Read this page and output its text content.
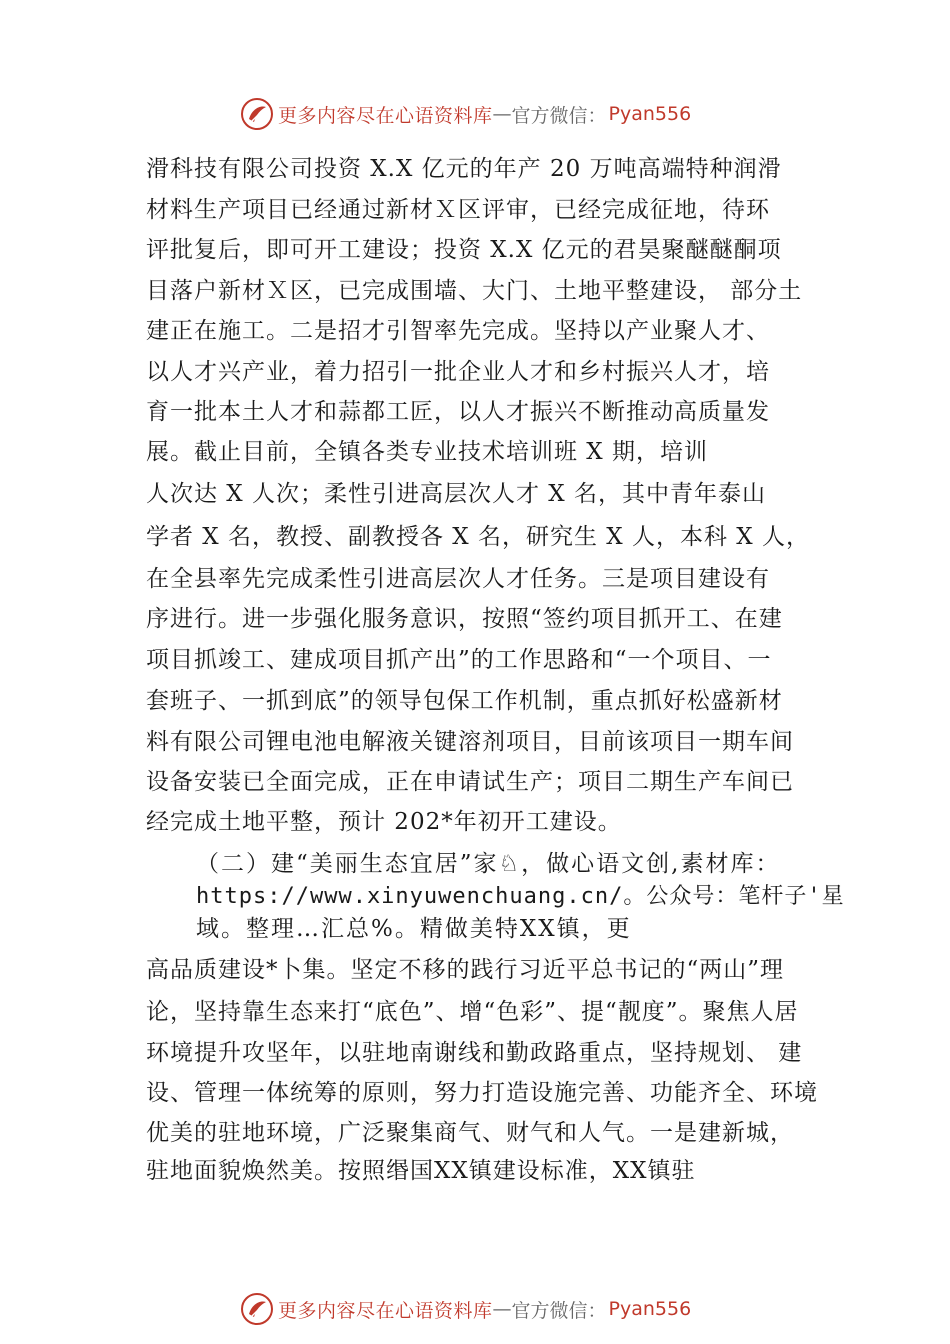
更多内容尽在心语资料库 — 官方微信： Pyan556
滑科技有限公司投资 X.X 亿元的年产 20 万吨高端特种润滑
材料生产项目已经通过新材Ｘ区评审，已经完成征地，待环
评批复后，即可开工建设；投资 X.X 亿元的君昊聚醚醚酮项
目落户新材Ｘ区，已完成围墙、大门、土地平整建设， 部分土
建正在施工。二是招才引智率先完成。坚持以产业聚人才、
以人才兴产业，着力招引一批企业人才和乡村振兴人才，培
育一批本土人才和蒜都工匠，以人才振兴不断推动高质量发
展。截止目前，全镇各类专业技术培训班 X 期，培训
人次达 X 人次；柔性引进高层次人才 X 名，其中青年泰山
学者 X 名，教授、副教授各 X 名，研究生 X 人，本科 X 人，
在全县率先完成柔性引进高层次人才任务。三是项目建设有
序进行。进一步强化服务意识，按照“签约项目抓开工、在建
项目抓竣工、建成项目抓产出”的工作思路和“一个项目、一
套班子、一抓到底”的领导包保工作机制，重点抓好松盛新材
料有限公司锂电池电解液关键溶剂项目，目前该项目一期车间
设备安装已全面完成，正在申请试生产；项目二期生产车间已
经完成土地平整，预计 202*年初开工建设。
（二）建“美丽生态宜居”家♘，做心语文创,素材库：
https://www.xinyuwenchuang.cn/。公众号：笔杆子'星
域。整理…汇总%。精做美特XX镇，更
高品质建设*卜集。坚定不移的践行习近平总书记的“两山”理
论，坚持靠生态来打“底色”、增“色彩”、提“靓度”。聚焦人居
环境提升攻坚年，以驻地南谢线和勤政路重点，坚持规划、 建
设、管理一体统筹的原则，努力打造设施完善、功能齐全、环境
优美的驻地环境，广泛聚集商气、财气和人气。一是建新城，
驻地面貌焕然美。按照缗国XX镇建设标准，XX镇驻
更多内容尽在心语资料库 — 官方微信： Pyan556
